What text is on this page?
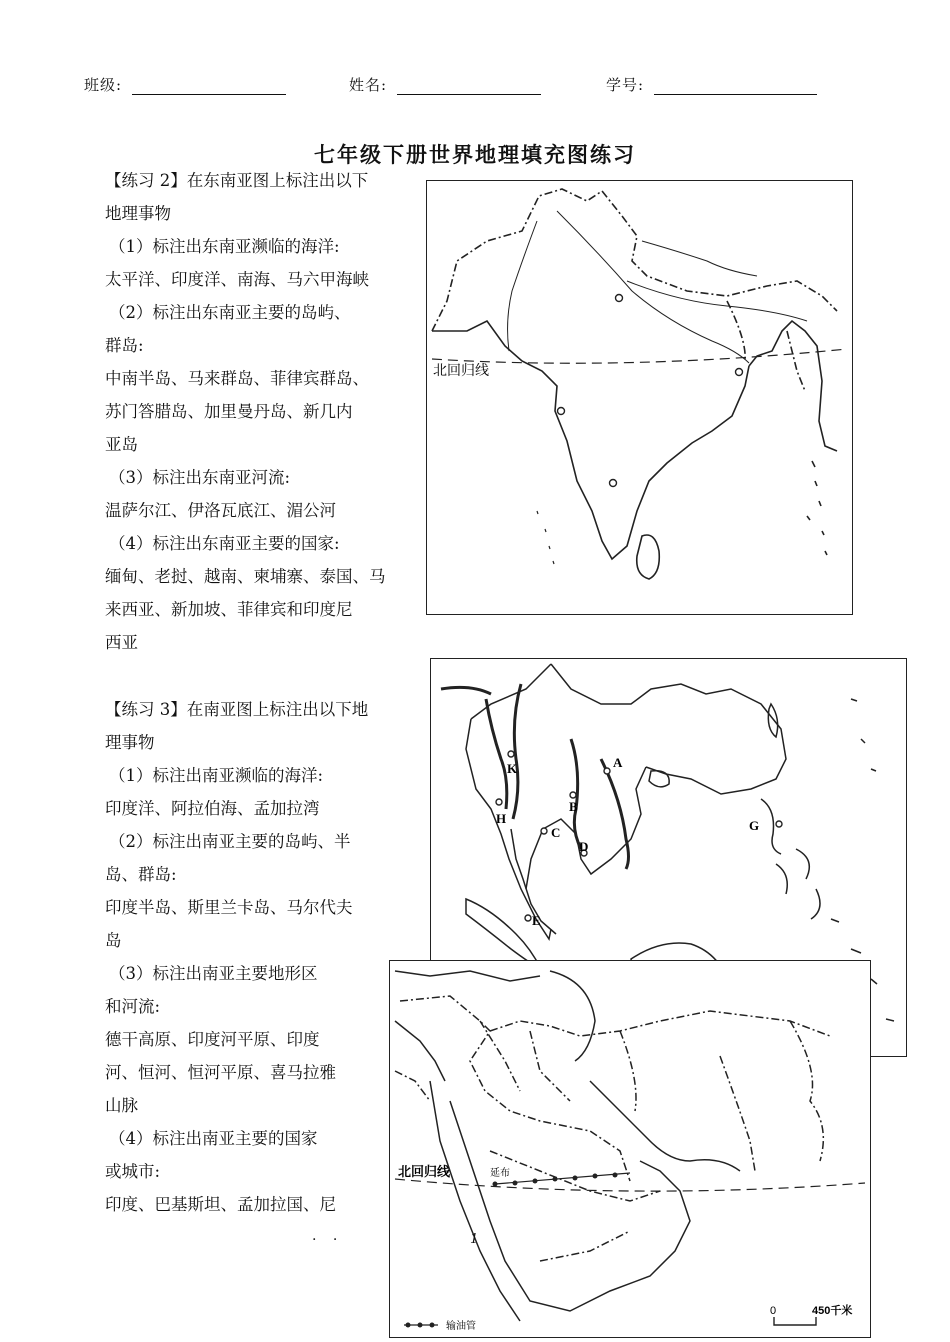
班级:	姓名:	学号:
七年级下册世界地理填充图练习

【练习 2】在东南亚图上标注出以下

地理事物

（1）标注出东南亚濒临的海洋:

太平洋、印度洋、南海、马六甲海峡

（2）标注出东南亚主要的岛屿、

群岛:

中南半岛、马来群岛、菲律宾群岛、

苏门答腊岛、加里曼丹岛、新几内

亚岛

（3）标注出东南亚河流:

温萨尔江、伊洛瓦底江、湄公河

（4）标注出东南亚主要的国家:

缅甸、老挝、越南、柬埔寨、泰国、马

来西亚、新加坡、菲律宾和印度尼

西亚

【练习 3】在南亚图上标注出以下地

理事物

（1）标注出南亚濒临的海洋:

印度洋、阿拉伯海、孟加拉湾

（2）标注出南亚主要的岛屿、半

岛、群岛:

印度半岛、斯里兰卡岛、马尔代夫

岛

（3）标注出南亚主要地形区

和河流:

德干高原、印度河平原、印度

河、恒河、恒河平原、喜马拉雅

山脉

（4）标注出南亚主要的国家

或城市:

印度、巴基斯坦、孟加拉国、尼

北回归线
A
B
C
D
E
G
H
K
北回归线	延布
输油管
0	450千米
1
. .
